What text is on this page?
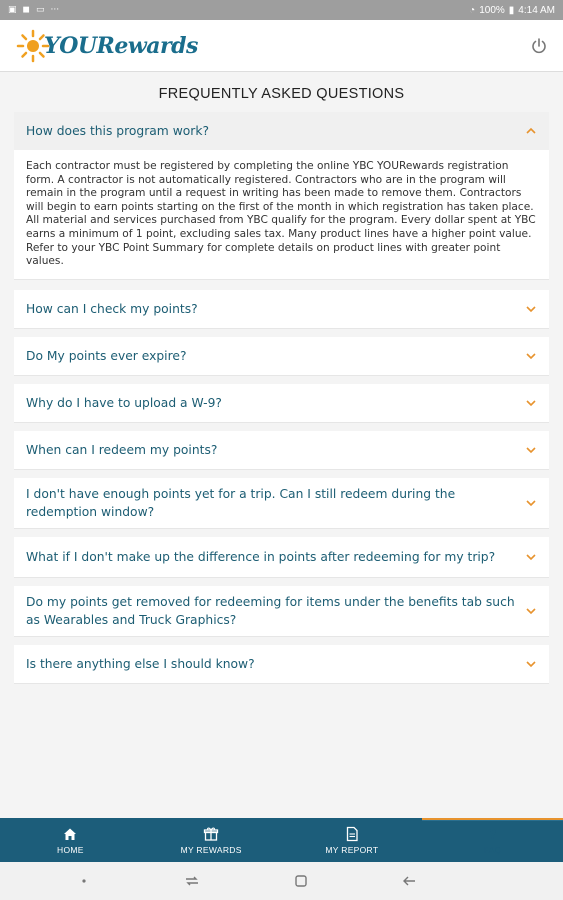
▣ ◼ ▭ ···	◔ 100% ▮ 4:14 AM
YOURewards
FREQUENTLY ASKED QUESTIONS
How does this program work?
Each contractor must be registered by completing the online YBC YOURewards registration form. A contractor is not automatically registered. Contractors who are in the program will remain in the program until a request in writing has been made to remove them. Contractors will begin to earn points starting on the first of the month in which registration has taken place. All material and services purchased from YBC qualify for the program. Every dollar spent at YBC earns a minimum of 1 point, excluding sales tax. Many product lines have a higher point value. Refer to your YBC Point Summary for complete details on product lines with greater point values.
How can I check my points?
Do My points ever expire?
Why do I have to upload a W-9?
When can I redeem my points?
I don't have enough points yet for a trip. Can I still redeem during the redemption window?
What if I don't make up the difference in points after redeeming for my trip?
Do my points get removed for redeeming for items under the benefits tab such as Wearables and Truck Graphics?
Is there anything else I should know?
HOME	MY REWARDS	MY REPORT
?
FAQ
